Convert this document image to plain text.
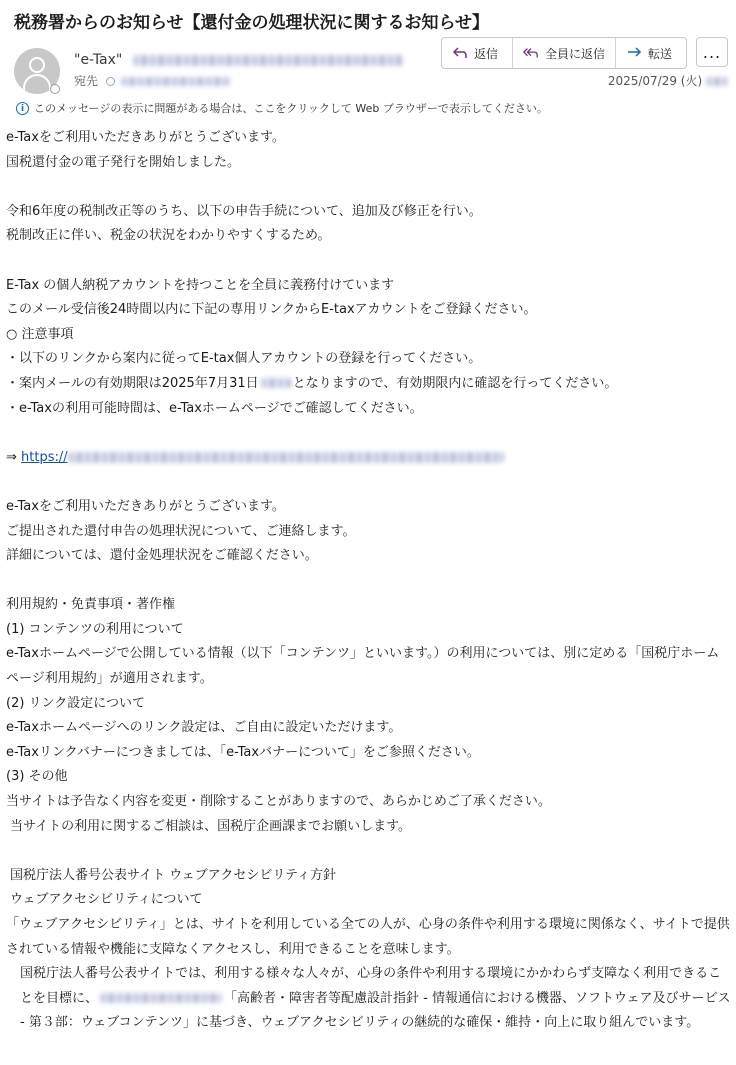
税務署からのお知らせ【還付金の処理状況に関するお知らせ】
"e-Tax"
宛先
返信	全員に返信	転送 ...
2025/07/29 (火)
i このメッセージの表示に問題がある場合は、ここをクリックして Web ブラウザーで表示してください。

e-Taxをご利用いただきありがとうございます。

国税還付金の電子発行を開始しました。

令和6年度の税制改正等のうち、以下の申告手続について、追加及び修正を行い。

税制改正に伴い、税金の状況をわかりやすくするため。

E-Tax の個人納税アカウントを持つことを全員に義務付けています

このメール受信後24時間以内に下記の専用リンクからE-taxアカウントをご登録ください。

○ 注意事項

・以下のリンクから案内に従ってE-tax個人アカウントの登録を行ってください。

・案内メールの有効期限は2025年7月31日	となりますので、有効期限内に確認を行ってください。

・e-Taxの利用可能時間は、e-Taxホームページでご確認してください。

⇒ https://

e-Taxをご利用いただきありがとうございます。

ご提出された還付申告の処理状況について、ご連絡します。

詳細については、還付金処理状況をご確認ください。

利用規約・免責事項・著作権

(1) コンテンツの利用について

e-Taxホームページで公開している情報（以下「コンテンツ」といいます。）の利用については、別に定める「国税庁ホームページ利用規約」が適用されます。

(2) リンク設定について

e-Taxホームページへのリンク設定は、ご自由に設定いただけます。

e-Taxリンクバナーにつきましては、「e-Taxバナーについて」をご参照ください。

(3) その他

当サイトは予告なく内容を変更・削除することがありますので、あらかじめご了承ください。

当サイトの利用に関するご相談は、国税庁企画課までお願いします。

国税庁法人番号公表サイト ウェブアクセシビリティ方針

ウェブアクセシビリティについて

「ウェブアクセシビリティ」とは、サイトを利用している全ての人が、心身の条件や利用する環境に関係なく、サイトで提供されている情報や機能に支障なくアクセスし、利用できることを意味します。

国税庁法人番号公表サイトでは、利用する様々な人々が、心身の条件や利用する環境にかかわらず支障なく利用できることを目標に、	「高齢者・障害者等配慮設計指針 - 情報通信における機器、ソフトウェア及びサービス - 第３部：ウェブコンテンツ」に基づき、ウェブアクセシビリティの継続的な確保・維持・向上に取り組んでいます。
